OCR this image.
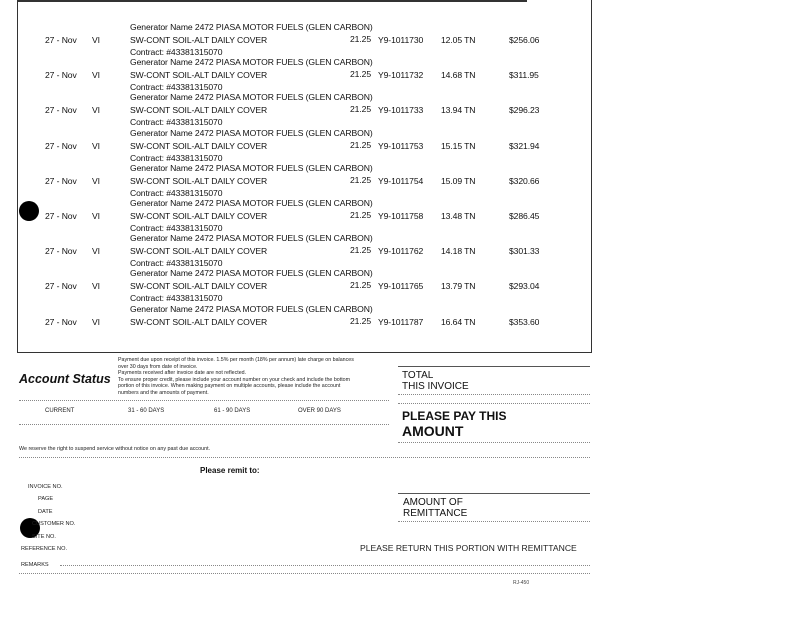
Generator Name 2472 PIASA MOTOR FUELS (GLEN CARBON)
27 - Nov VI	SW-CONT SOIL-ALT DAILY COVER	21.25 Y9-1011730 12.05 TN	$256.06
Contract: #43381315070
Generator Name 2472 PIASA MOTOR FUELS (GLEN CARBON)
27 - Nov VI	SW-CONT SOIL-ALT DAILY COVER	21.25 Y9-1011732 14.68 TN	$311.95
Contract: #43381315070
Generator Name 2472 PIASA MOTOR FUELS (GLEN CARBON)
27 - Nov VI	SW-CONT SOIL-ALT DAILY COVER	21.25 Y9-1011733 13.94 TN	$296.23
Contract: #43381315070
Generator Name 2472 PIASA MOTOR FUELS (GLEN CARBON)
27 - Nov VI	SW-CONT SOIL-ALT DAILY COVER	21.25 Y9-1011753 15.15 TN	$321.94
Contract: #43381315070
Generator Name 2472 PIASA MOTOR FUELS (GLEN CARBON)
27 - Nov VI	SW-CONT SOIL-ALT DAILY COVER	21.25 Y9-1011754 15.09 TN	$320.66
Contract: #43381315070
Generator Name 2472 PIASA MOTOR FUELS (GLEN CARBON)
27 - Nov VI	SW-CONT SOIL-ALT DAILY COVER	21.25 Y9-1011758 13.48 TN	$286.45
Contract: #43381315070
Generator Name 2472 PIASA MOTOR FUELS (GLEN CARBON)
27 - Nov VI	SW-CONT SOIL-ALT DAILY COVER	21.25 Y9-1011762 14.18 TN	$301.33
Contract: #43381315070
Generator Name 2472 PIASA MOTOR FUELS (GLEN CARBON)
27 - Nov VI	SW-CONT SOIL-ALT DAILY COVER	21.25 Y9-1011765 13.79 TN	$293.04
Contract: #43381315070
Generator Name 2472 PIASA MOTOR FUELS (GLEN CARBON)
27 - Nov VI	SW-CONT SOIL-ALT DAILY COVER	21.25 Y9-1011787 16.64 TN	$353.60
Payment due upon receipt of this invoice. 1.5% per month (18% per annum) late charge on balances
over 30 days from date of invoice.
Payments received after invoice date are not reflected.
To ensure proper credit, please include your account number on your check and include the bottom
portion of this invoice. When making payment on multiple accounts, please include the account
numbers and the amounts of payment.
Account Status
CURRENT	31 - 60 DAYS	61 - 90 DAYS	OVER 90 DAYS
TOTAL
THIS INVOICE
PLEASE PAY THIS
AMOUNT
We reserve the right to suspend service without notice on any past due account.
Please remit to:
INVOICE NO.
PAGE
DATE
CUSTOMER NO.
SITE NO.
REFERENCE NO.
REMARKS
AMOUNT OF
REMITTANCE
PLEASE RETURN THIS PORTION WITH REMITTANCE
RJ-450
